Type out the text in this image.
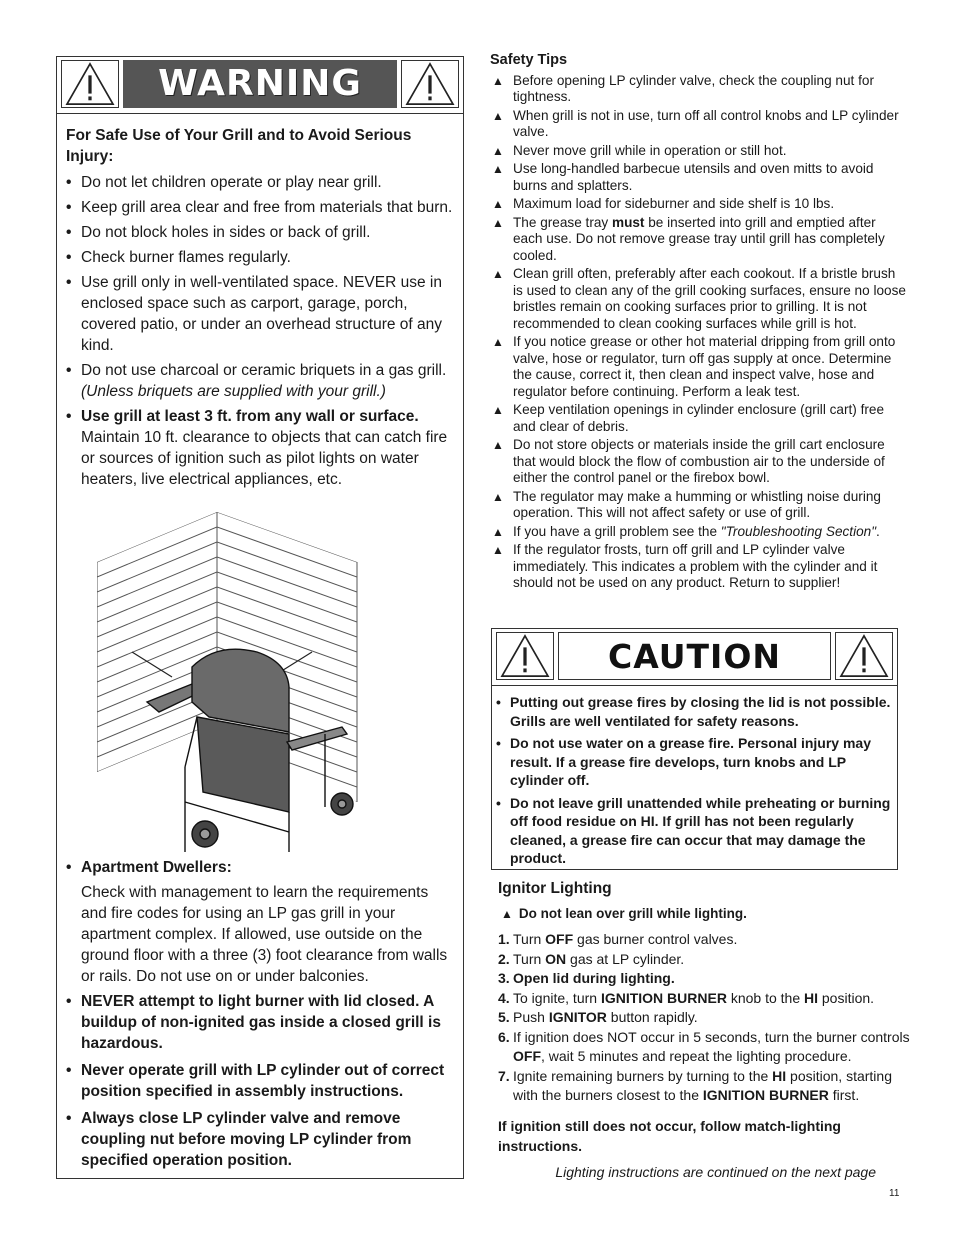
WARNING
For Safe Use of Your Grill and to Avoid Serious Injury:
• Do not let children operate or play near grill.
• Keep grill area clear and free from materials that burn.
• Do not block holes in sides or back of grill.
• Check burner flames regularly.
• Use grill only in well-ventilated space. NEVER use in enclosed space such as carport, garage, porch, covered patio, or under an overhead structure of any kind.
• Do not use charcoal or ceramic briquets in a gas grill.
(Unless briquets are supplied with your grill.)
• Use grill at least 3 ft. from any wall or surface.
Maintain 10 ft. clearance to objects that can catch fire or sources of ignition such as pilot lights on water heaters, live electrical appliances, etc.
• Apartment Dwellers:
Check with management to learn the requirements and fire codes for using an LP gas grill in your apartment complex. If allowed, use outside on the ground floor with a three (3) foot clearance from walls or rails. Do not use on or under balconies.
• NEVER attempt to light burner with lid closed. A buildup of non-ignited gas inside a closed grill is hazardous.
• Never operate grill with LP cylinder out of correct position specified in assembly instructions.
• Always close LP cylinder valve and remove coupling nut before moving LP cylinder from specified operation position.
Safety Tips
▲ Before opening LP cylinder valve, check the coupling nut for tightness.
▲ When grill is not in use, turn off all control knobs and LP cylinder valve.
▲ Never move grill while in operation or still hot.
▲ Use long-handled barbecue utensils and oven mitts to avoid burns and splatters.
▲ Maximum load for sideburner and side shelf is 10 lbs.
▲ The grease tray must be inserted into grill and emptied after each use. Do not remove grease tray until grill has completely cooled.
▲ Clean grill often, preferably after each cookout. If a bristle brush is used to clean any of the grill cooking surfaces, ensure no loose bristles remain on cooking surfaces prior to grilling. It is not recommended to clean cooking surfaces while grill is hot.
▲ If you notice grease or other hot material dripping from grill onto valve, hose or regulator, turn off gas supply at once. Determine the cause, correct it, then clean and inspect valve, hose and regulator before continuing. Perform a leak test.
▲ Keep ventilation openings in cylinder enclosure (grill cart) free and clear of debris.
▲ Do not store objects or materials inside the grill cart enclosure that would block the flow of combustion air to the underside of either the control panel or the firebox bowl.
▲ The regulator may make a humming or whistling noise during operation. This will not affect safety or use of grill.
▲ If you have a grill problem see the "Troubleshooting Section".
▲ If the regulator frosts, turn off grill and LP cylinder valve immediately. This indicates a problem with the cylinder and it should not be used on any product. Return to supplier!
CAUTION
• Putting out grease fires by closing the lid is not possible. Grills are well ventilated for safety reasons.
• Do not use water on a grease fire. Personal injury may result. If a grease fire develops, turn knobs and LP cylinder off.
• Do not leave grill unattended while preheating or burning off food residue on HI. If grill has not been regularly cleaned, a grease fire can occur that may damage the product.
Ignitor Lighting
▲ Do not lean over grill while lighting.
1. Turn OFF gas burner control valves.
2. Turn ON gas at LP cylinder.
3. Open lid during lighting.
4. To ignite, turn IGNITION BURNER knob to the HI position.
5. Push IGNITOR button rapidly.
6. If ignition does NOT occur in 5 seconds, turn the burner controls OFF, wait 5 minutes and repeat the lighting procedure.
7. Ignite remaining burners by turning to the HI position, starting with the burners closest to the IGNITION BURNER first.
If ignition still does not occur, follow match-lighting instructions.
Lighting instructions are continued on the next page
11
